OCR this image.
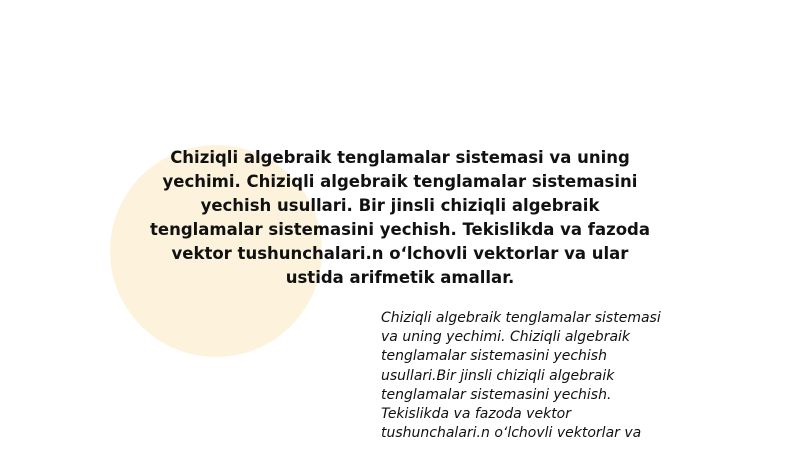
Chiziqli algebraik tenglamalar sistemasi va uning yechimi. Chiziqli algebraik tenglamalar sistemasini yechish usullari. Bir jinsli chiziqli algebraik tenglamalar sistemasini yechish. Tekislikda va fazoda vektor tushunchalari.n o‘lchovli vektorlar va ular ustida arifmetik amallar.

Chiziqli algebraik tenglamalar sistemasi va uning yechimi. Chiziqli algebraik tenglamalar sistemasini yechish usullari.Bir jinsli chiziqli algebraik tenglamalar sistemasini yechish. Tekislikda va fazoda vektor tushunchalari.n o‘lchovli vektorlar va
